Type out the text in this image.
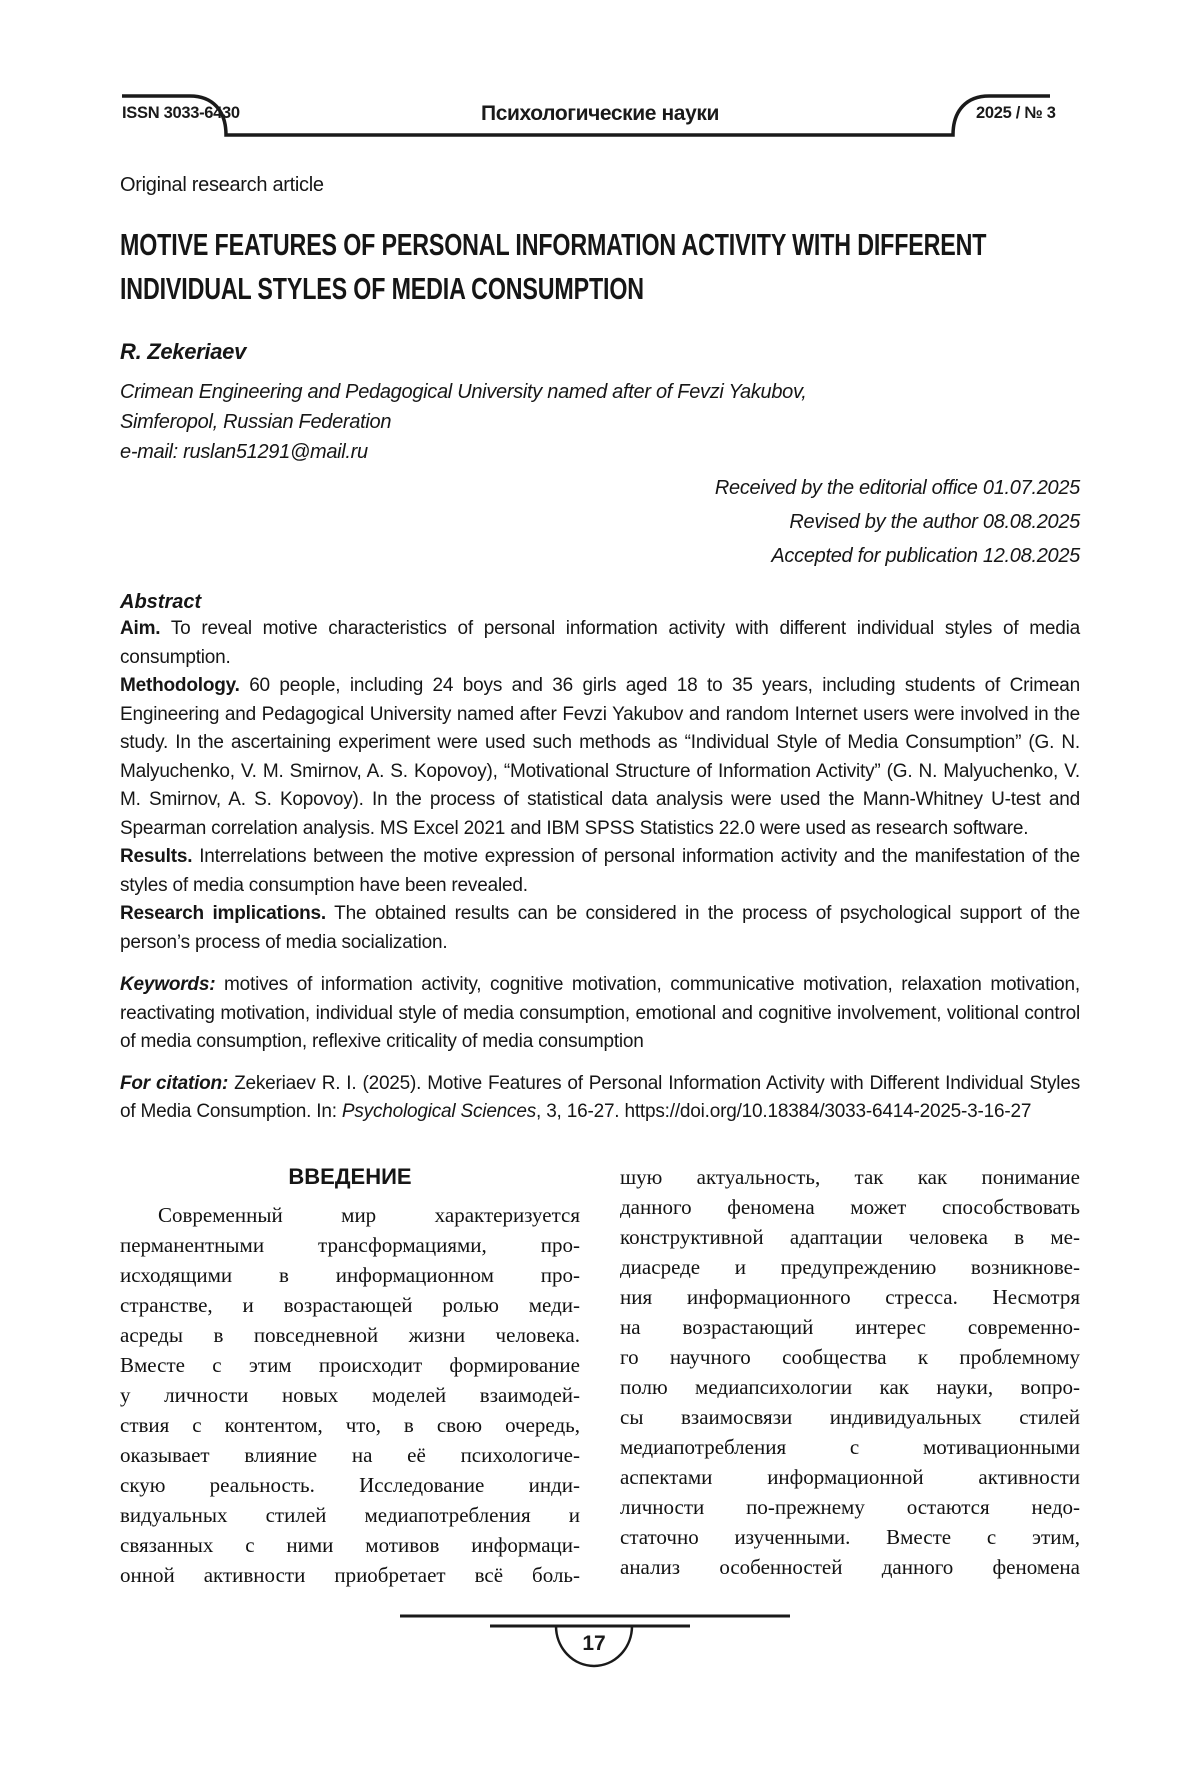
ISSN 3033-6430	Психологические науки	2025 / № 3
Original research article
MOTIVE FEATURES OF PERSONAL INFORMATION ACTIVITY WITH DIFFERENT
INDIVIDUAL STYLES OF MEDIA CONSUMPTION
R. Zekeriaev
Crimean Engineering and Pedagogical University named after of Fevzi Yakubov,
Simferopol, Russian Federation
e-mail: ruslan51291@mail.ru
Received by the editorial office 01.07.2025
Revised by the author 08.08.2025
Accepted for publication 12.08.2025
Abstract

Aim. To reveal motive characteristics of personal information activity with different individual styles of media consumption.

Methodology. 60 people, including 24 boys and 36 girls aged 18 to 35 years, including students of Crimean Engineering and Pedagogical University named after Fevzi Yakubov and random Internet users were involved in the study. In the ascertaining experiment were used such methods as “Individual Style of Media Consumption” (G. N. Malyuchenko, V. M. Smirnov, A. S. Kopovoy), “Motivational Structure of Information Activity” (G. N. Malyuchenko, V. M. Smirnov, A. S. Kopovoy). In the process of statistical data analysis were used the Mann-Whitney U-test and Spearman correlation analysis. MS Excel 2021 and IBM SPSS Statistics 22.0 were used as research software.

Results. Interrelations between the motive expression of personal information activity and the manifestation of the styles of media consumption have been revealed.

Research implications. The obtained results can be considered in the process of psychological support of the person’s process of media socialization.

Keywords: motives of information activity, cognitive motivation, communicative motivation, relaxation motivation, reactivating motivation, individual style of media consumption, emotional and cognitive involvement, volitional control of media consumption, reflexive criticality of media consumption

For citation: Zekeriaev R. I. (2025). Motive Features of Personal Information Activity with Different Individual Styles of Media Consumption. In: Psychological Sciences, 3, 16-27. https://doi.org/10.18384/3033-6414-2025-3-16-27

ВВЕДЕНИЕ
Современный мир характеризуется
перманентными трансформациями, про-
исходящими в информационном про-
странстве, и возрастающей ролью меди-
асреды в повседневной жизни человека.
Вместе с этим происходит формирование
у личности новых моделей взаимодей-
ствия с контентом, что, в свою очередь,
оказывает влияние на её психологиче-
скую реальность. Исследование инди-
видуальных стилей медиапотребления и
связанных с ними мотивов информаци-
онной активности приобретает всё боль-
шую актуальность, так как понимание
данного феномена может способствовать
конструктивной адаптации человека в ме-
диасреде и предупреждению возникнове-
ния информационного стресса. Несмотря
на возрастающий интерес современно-
го научного сообщества к проблемному
полю медиапсихологии как науки, вопро-
сы взаимосвязи индивидуальных стилей
медиапотребления с мотивационными
аспектами информационной активности
личности по-прежнему остаются недо-
статочно изученными. Вместе с этим,
анализ особенностей данного феномена
17
